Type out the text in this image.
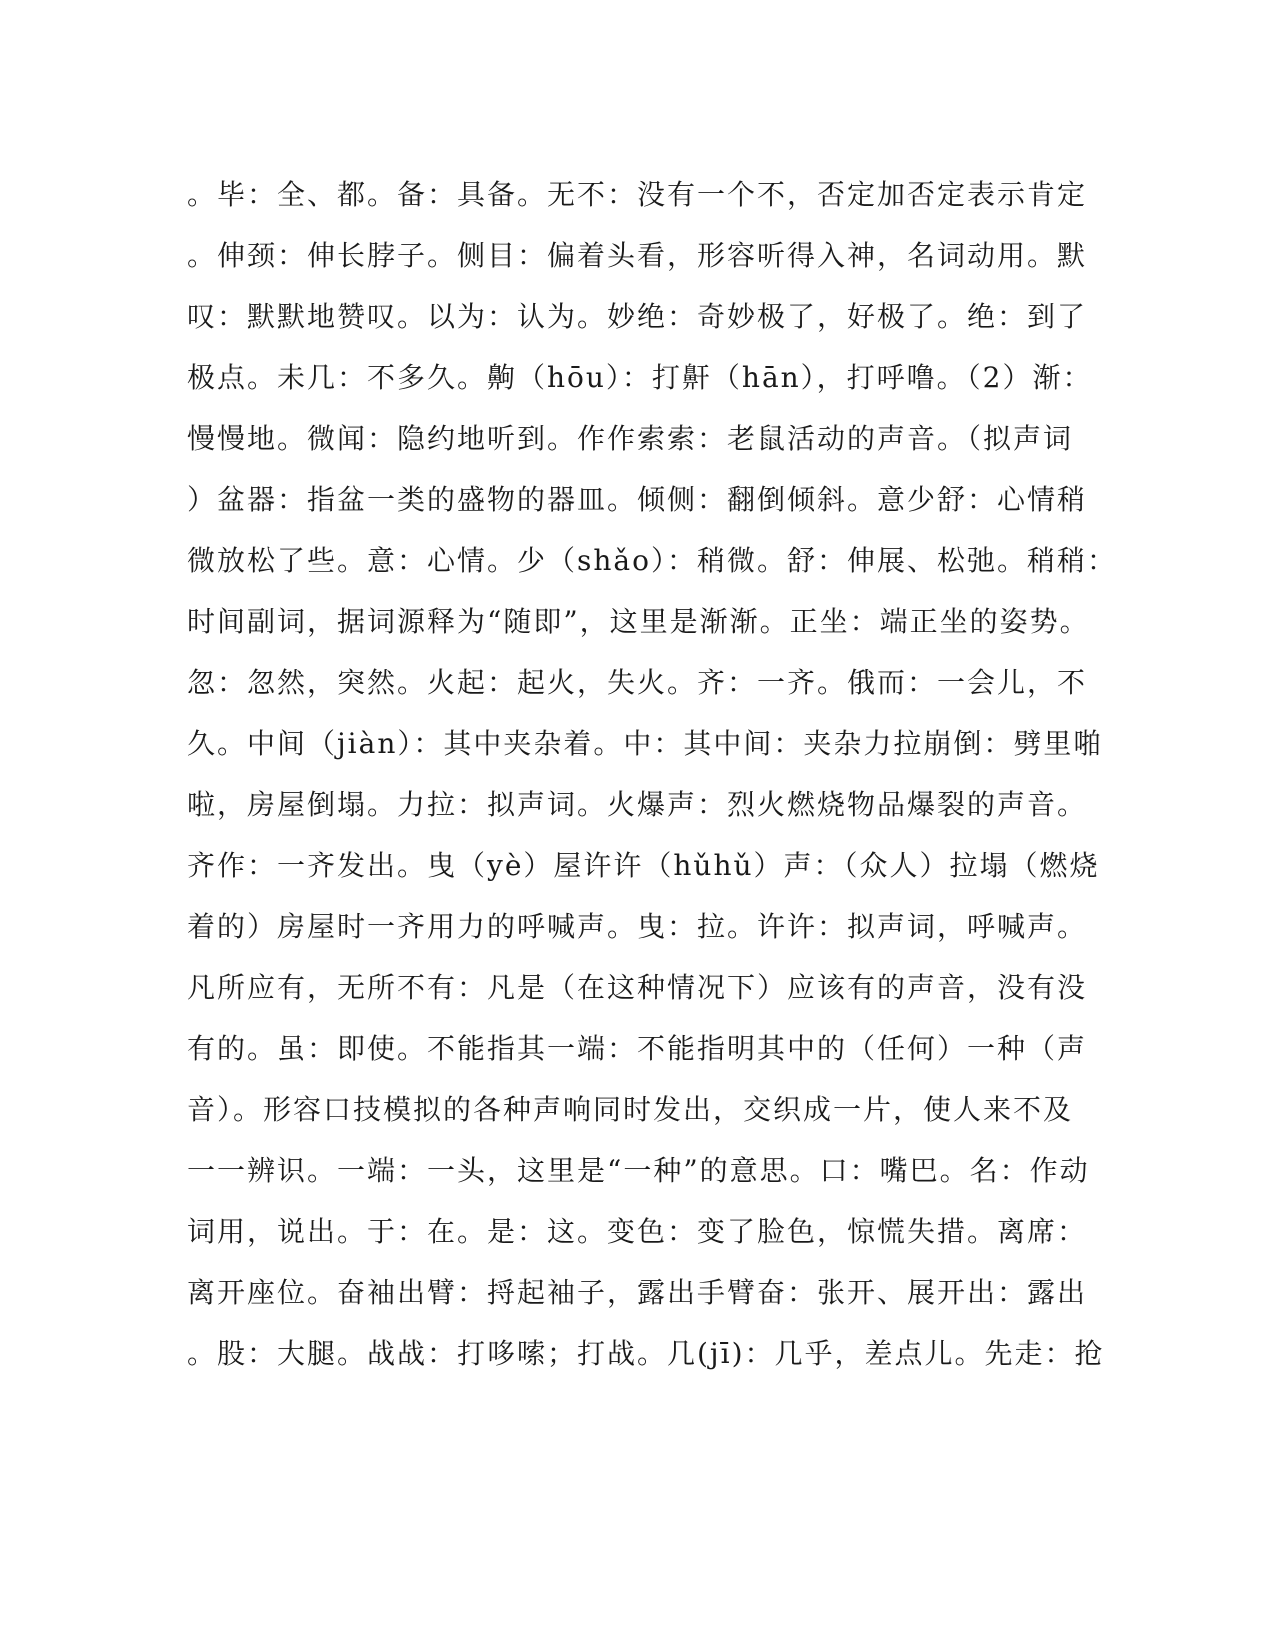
。毕：全、都。备：具备。无不：没有一个不，否定加否定表示肯定
。伸颈：伸长脖子。侧目：偏着头看，形容听得入神，名词动用。默
叹：默默地赞叹。以为：认为。妙绝：奇妙极了，好极了。绝：到了
极点。未几：不多久。齁（hōu）：打鼾（hān），打呼噜。（2）渐：
慢慢地。微闻：隐约地听到。作作索索：老鼠活动的声音。（拟声词
）盆器：指盆一类的盛物的器皿。倾侧：翻倒倾斜。意少舒：心情稍
微放松了些。意：心情。少（shǎo）：稍微。舒：伸展、松弛。稍稍：
时间副词，据词源释为“随即”，这里是渐渐。正坐：端正坐的姿势。
忽：忽然，突然。火起：起火，失火。齐：一齐。俄而：一会儿，不
久。中间（jiàn）：其中夹杂着。中：其中间：夹杂力拉崩倒：劈里啪
啦，房屋倒塌。力拉：拟声词。火爆声：烈火燃烧物品爆裂的声音。
齐作：一齐发出。曳（yè）屋许许（hǔhǔ）声：（众人）拉塌（燃烧
着的）房屋时一齐用力的呼喊声。曳：拉。许许：拟声词，呼喊声。
凡所应有，无所不有：凡是（在这种情况下）应该有的声音，没有没
有的。虽：即使。不能指其一端：不能指明其中的（任何）一种（声
音）。形容口技模拟的各种声响同时发出，交织成一片，使人来不及
一一辨识。一端：一头，这里是“一种”的意思。口：嘴巴。名：作动
词用，说出。于：在。是：这。变色：变了脸色，惊慌失措。离席：
离开座位。奋袖出臂：捋起袖子，露出手臂奋：张开、展开出：露出
。股：大腿。战战：打哆嗦；打战。几(jī)：几乎，差点儿。先走：抢
